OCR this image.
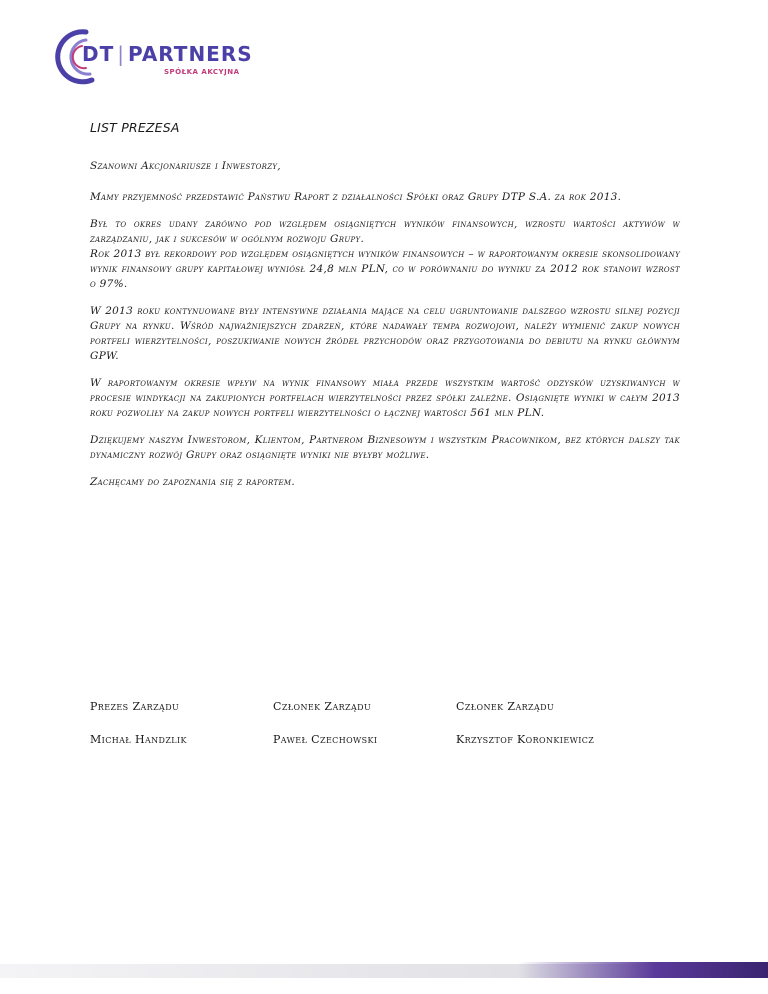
DT | PARTNERS
SPÓŁKA AKCYJNA
LIST PREZESA

Szanowni Akcjonariusze i Inwestorzy,

Mamy przyjemność przedstawić Państwu Raport z działalności Spółki oraz Grupy DTP S.A. za rok 2013.

Był to okres udany zarówno pod względem osiągniętych wyników finansowych, wzrostu wartości aktywów w zarządzaniu, jak i sukcesów w ogólnym rozwoju Grupy.

Rok 2013 był rekordowy pod względem osiągniętych wyników finansowych – w raportowanym okresie skonsolidowany wynik finansowy grupy kapitałowej wyniósł 24,8 mln PLN, co w porównaniu do wyniku za 2012 rok stanowi wzrost o 97%.

W 2013 roku kontynuowane były intensywne działania mające na celu ugruntowanie dalszego wzrostu silnej pozycji Grupy na rynku. Wśród najważniejszych zdarzeń, które nadawały tempa rozwojowi, należy wymienić zakup nowych portfeli wierzytelności, poszukiwanie nowych źródeł przychodów oraz przygotowania do debiutu na rynku głównym GPW.

W raportowanym okresie wpływ na wynik finansowy miała przede wszystkim wartość odzysków uzyskiwanych w procesie windykacji na zakupionych portfelach wierzytelności przez spółki zależne. Osiągnięte wyniki w całym 2013 roku pozwoliły na zakup nowych portfeli wierzytelności o łącznej wartości 561 mln PLN.

Dziękujemy naszym Inwestorom, Klientom, Partnerom Biznesowym i wszystkim Pracownikom, bez których dalszy tak dynamiczny rozwój Grupy oraz osiągnięte wyniki nie byłyby możliwe.

Zachęcamy do zapoznania się z raportem.

Prezes Zarządu	Członek Zarządu	Członek Zarządu
Michał Handzlik	Paweł Czechowski	Krzysztof Koronkiewicz
